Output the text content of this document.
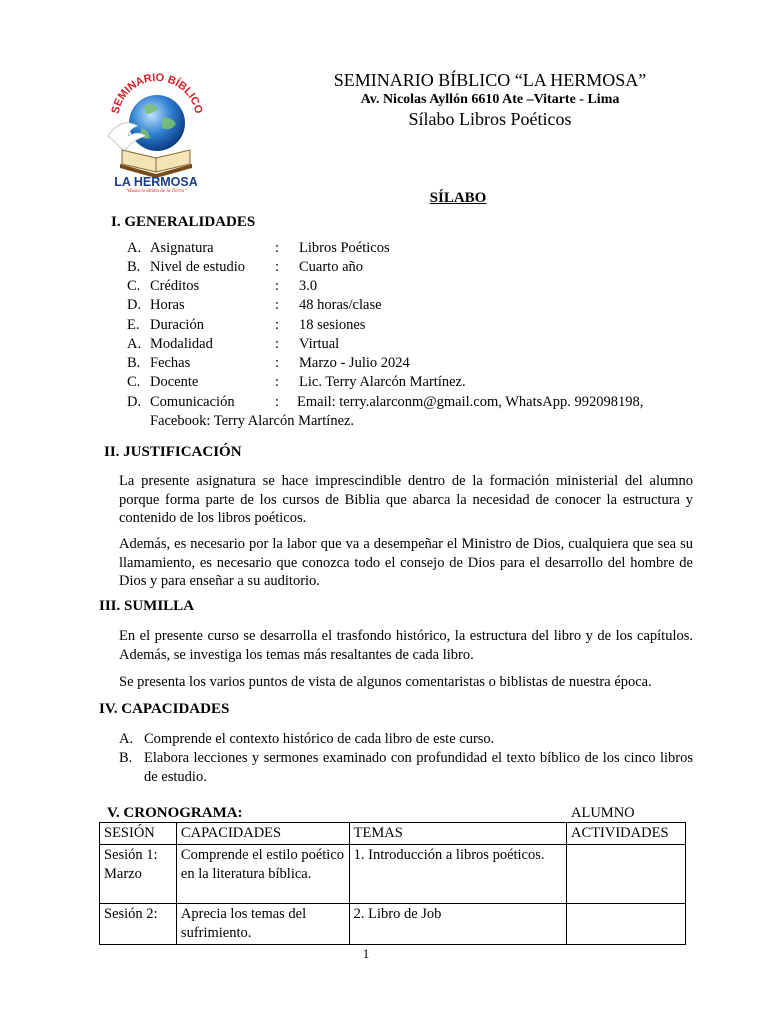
SEMINARIO BÍBLICO
LA HERMOSA
“Hasta lo último de la Tierra”
SEMINARIO BÍBLICO “LA HERMOSA”
Av. Nicolas Ayllón 6610 Ate –Vitarte - Lima
Sílabo Libros Poéticos
SÍLABO
I. GENERALIDADES
A. Asignatura	: Libros Poéticos
B. Nivel de estudio : Cuarto año
C. Créditos	: 3.0
D. Horas	: 48 horas/clase
E. Duración	: 18 sesiones
A. Modalidad	: Virtual
B. Fechas	: Marzo - Julio 2024
C. Docente	: Lic. Terry Alarcón Martínez.
D. Comunicación	: Email: terry.alarconm@gmail.com, WhatsApp. 992098198,
Facebook: Terry Alarcón Martínez.
II. JUSTIFICACIÓN
La presente asignatura se hace imprescindible dentro de la formación ministerial del alumno porque forma parte de los cursos de Biblia que abarca la necesidad de conocer la estructura y contenido de los libros poéticos.
Además, es necesario por la labor que va a desempeñar el Ministro de Dios, cualquiera que sea su llamamiento, es necesario que conozca todo el consejo de Dios para el desarrollo del hombre de Dios y para enseñar a su auditorio.
III. SUMILLA
En el presente curso se desarrolla el trasfondo histórico, la estructura del libro y de los capítulos. Además, se investiga los temas más resaltantes de cada libro.
Se presenta los varios puntos de vista de algunos comentaristas o biblistas de nuestra época.
IV. CAPACIDADES
A. Comprende el contexto histórico de cada libro de este curso.
B. Elabora lecciones y sermones examinado con profundidad el texto bíblico de los cinco libros de estudio.
V. CRONOGRAMA:	ALUMNO
SESIÓN	CAPACIDADES	TEMAS	ACTIVIDADES
Sesión 1: Marzo	Comprende el estilo poético en la literatura bíblica.	1. Introducción a libros poéticos.	
Sesión 2:	Aprecia los temas del sufrimiento.	2. Libro de Job	
1
